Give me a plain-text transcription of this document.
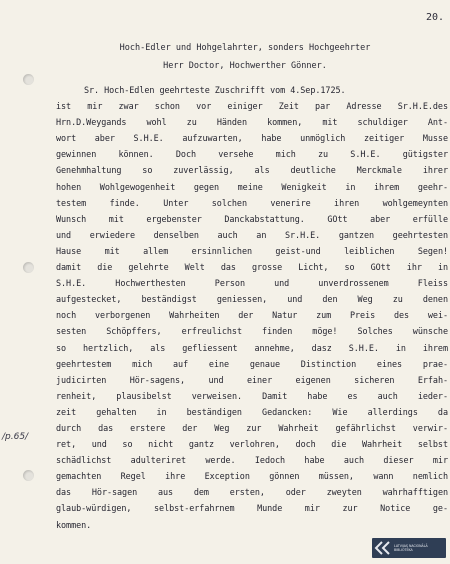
20.
Hoch-Edler und Hohgelahrter, sonders Hochgeehrter
Herr Doctor, Hochwerther Gönner.
Sr. Hoch-Edlen geehrteste Zuschrifft vom 4.Sep.1725.
ist mir zwar schon vor einiger Zeit par Adresse Sr.H.E.des
Hrn.D.Weygands wohl zu Händen kommen, mit schuldiger Ant-
wort aber S.H.E. aufzuwarten, habe unmöglich zeitiger Musse
gewinnen können. Doch versehe mich zu S.H.E. gütigster
Genehmhaltung so zuverlässig, als deutliche Merckmale ihrer
hohen Wohlgewogenheit gegen meine Wenigkeit in ihrem geehr-
testem finde. Unter solchen venerire ihren wohlgemeynten
Wunsch mit ergebenster Danckabstattung. GOtt aber erfülle
und erwiedere denselben auch an Sr.H.E. gantzen geehrtesten
Hause mit allem ersinnlichen geist-und leiblichen Segen!
damit die gelehrte Welt das grosse Licht, so GOtt ihr in
S.H.E. Hochwerthesten Person und unverdrossenem Fleiss
aufgestecket, beständigst geniessen, und den Weg zu denen
noch verborgenen Wahrheiten der Natur zum Preis des wei-
sesten Schöpffers, erfreulichst finden möge! Solches wünsche
so hertzlich, als gefliessent annehme, dasz S.H.E. in ihrem
geehrtestem mich auf eine genaue Distinction eines prae-
judicirten Hör-sagens, und einer eigenen sicheren Erfah-
renheit, plausibelst verweisen. Damit habe es auch ieder-
zeit gehalten in beständigen Gedancken: Wie allerdings da
durch das erstere der Weg zur Wahrheit gefährlichst verwir-
ret, und so nicht gantz verlohren, doch die Wahrheit selbst
schädlichst adulteriret werde. Iedoch habe auch dieser mir
gemachten Regel ihre Exception gönnen müssen, wann nemlich
das Hör-sagen aus dem ersten, oder zweyten wahrhafftigen
glaub-würdigen, selbst-erfahrnem Munde mir zur Notice ge-
kommen.
/p.65/
LATVIJAS NACIONĀLĀ BIBLIOTĒKA
